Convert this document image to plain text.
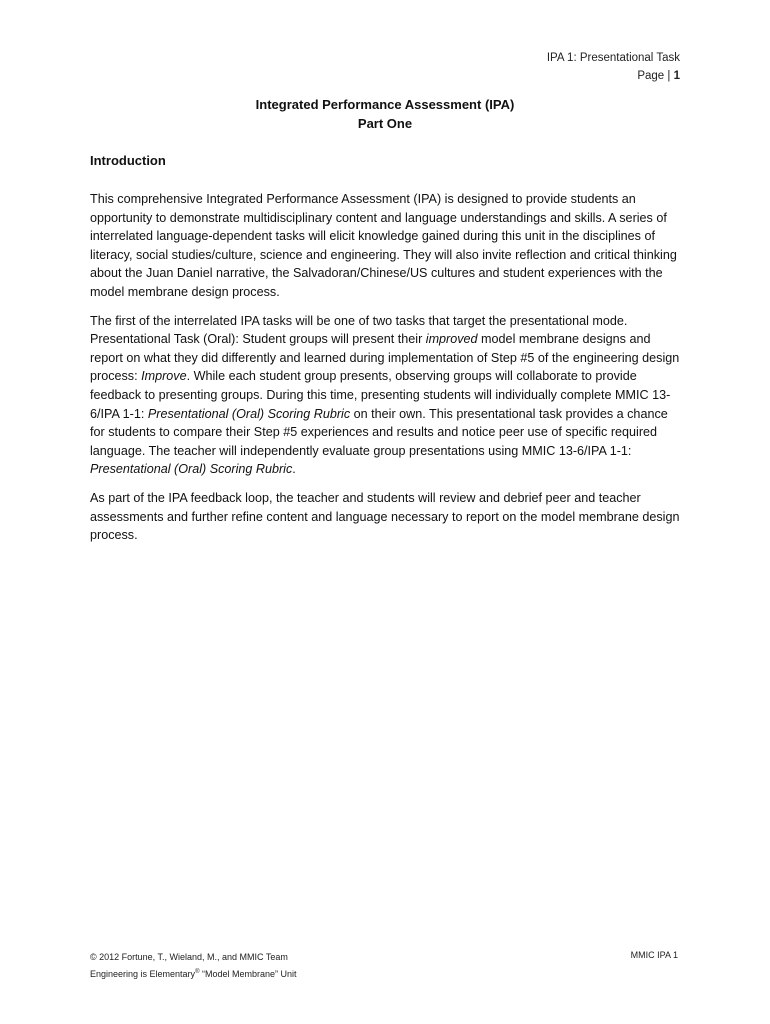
IPA 1: Presentational Task
Page | 1
Integrated Performance Assessment (IPA)
Part One
Introduction

This comprehensive Integrated Performance Assessment (IPA) is designed to provide students an opportunity to demonstrate multidisciplinary content and language understandings and skills. A series of interrelated language-dependent tasks will elicit knowledge gained during this unit in the disciplines of literacy, social studies/culture, science and engineering. They will also invite reflection and critical thinking about the Juan Daniel narrative, the Salvadoran/Chinese/US cultures and student experiences with the model membrane design process.

The first of the interrelated IPA tasks will be one of two tasks that target the presentational mode. Presentational Task (Oral): Student groups will present their improved model membrane designs and report on what they did differently and learned during implementation of Step #5 of the engineering design process: Improve. While each student group presents, observing groups will collaborate to provide feedback to presenting groups. During this time, presenting students will individually complete MMIC 13-6/IPA 1-1: Presentational (Oral) Scoring Rubric on their own. This presentational task provides a chance for students to compare their Step #5 experiences and results and notice peer use of specific required language. The teacher will independently evaluate group presentations using MMIC 13-6/IPA 1-1: Presentational (Oral) Scoring Rubric.

As part of the IPA feedback loop, the teacher and students will review and debrief peer and teacher assessments and further refine content and language necessary to report on the model membrane design process.

© 2012 Fortune, T., Wieland, M., and MMIC Team
Engineering is Elementary® “Model Membrane” Unit
MMIC IPA 1
